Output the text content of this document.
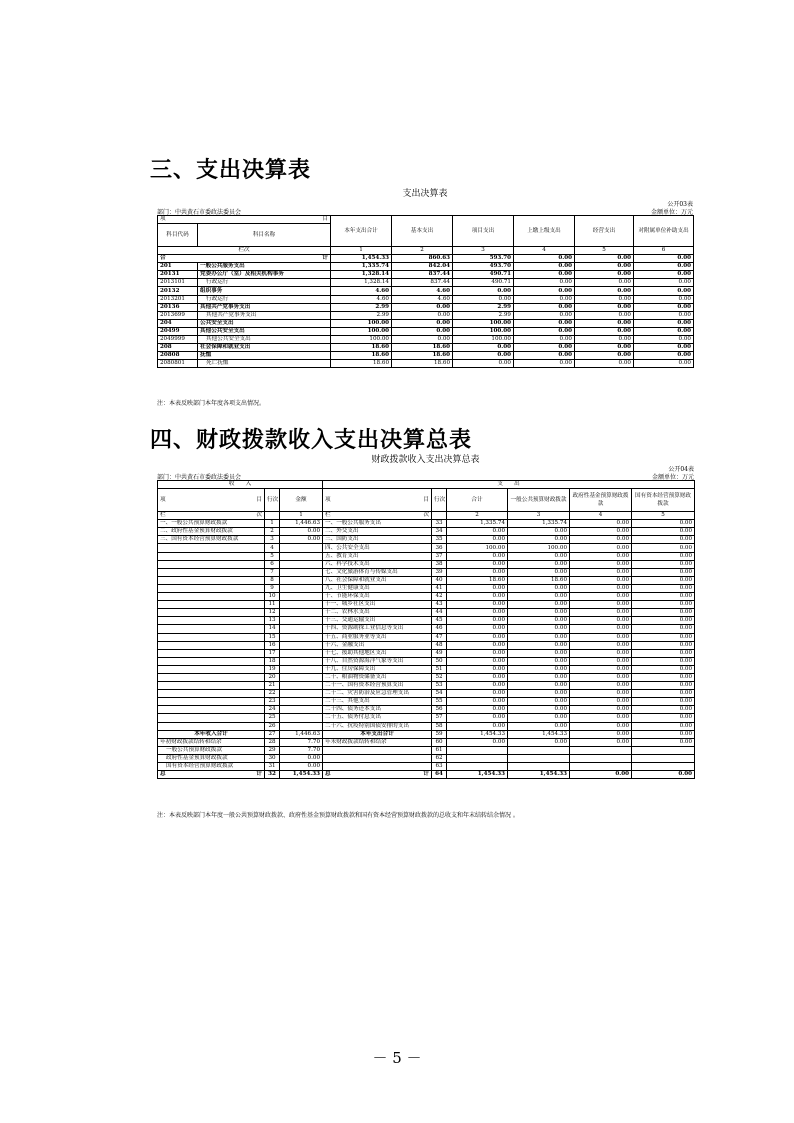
三、支出决算表
支出决算表
公开03表
部门：中共黄石市委政法委员会	金额单位：万元
项 目		本年支出合计	基本支出	项目支出	上缴上级支出	经营支出	对附属单位补助支出
科目代码	科目名称						
栏次		1	2	3	4	5	6

合 计		1,454.33	860.63	593.70	0.00	0.00	0.00
201	一般公共服务支出	1,335.74	842.04	493.70	0.00	0.00	0.00
20131	党委办公厅（室）及相关机构事务	1,328.14	837.44	490.71	0.00	0.00	0.00
2013101	行政运行	1,328.14	837.44	490.71	0.00	0.00	0.00
20132	组织事务	4.60	4.60	0.00	0.00	0.00	0.00
2013201	行政运行	4.60	4.60	0.00	0.00	0.00	0.00
20136	其他共产党事务支出	2.99	0.00	2.99	0.00	0.00	0.00
2013699	其他共产党事务支出	2.99	0.00	2.99	0.00	0.00	0.00
204	公共安全支出	100.00	0.00	100.00	0.00	0.00	0.00
20499	其他公共安全支出	100.00	0.00	100.00	0.00	0.00	0.00
2049999	其他公共安全支出	100.00	0.00	100.00	0.00	0.00	0.00
208	社会保障和就业支出	18.60	18.60	0.00	0.00	0.00	0.00
20808	抚恤	18.60	18.60	0.00	0.00	0.00	0.00
2080801	死亡抚恤	18.60	18.60	0.00	0.00	0.00	0.00
注：本表反映部门本年度各项支出情况。
四、财政拨款收入支出决算总表
财政拨款收入支出决算总表
公开04表
部门：中共黄石市委政法委员会	金额单位：万元
收　　入			支　　出					

项 目	行次	金额	项 目	行次	合计	一般公共预算财政拨款	政府性基金预算财政拨款	国有资本经营预算财政拨款

栏 次		1	栏 次		2	3	4	5
一、一般公共预算财政拨款	1	1,446.63	一、一般公共服务支出	33	1,335.74	1,335.74	0.00	0.00
二、政府性基金预算财政拨款	2	0.00	二、外交支出	34	0.00	0.00	0.00	0.00
三、国有资本经营预算财政拨款	3	0.00	三、国防支出	35	0.00	0.00	0.00	0.00
	4		四、公共安全支出	36	100.00	100.00	0.00	0.00
	5		五、教育支出	37	0.00	0.00	0.00	0.00
	6		六、科学技术支出	38	0.00	0.00	0.00	0.00
	7		七、文化旅游体育与传媒支出	39	0.00	0.00	0.00	0.00
	8		八、社会保障和就业支出	40	18.60	18.60	0.00	0.00
	9		九、卫生健康支出	41	0.00	0.00	0.00	0.00
	10		十、节能环保支出	42	0.00	0.00	0.00	0.00
	11		十一、城乡社区支出	43	0.00	0.00	0.00	0.00
	12		十二、农林水支出	44	0.00	0.00	0.00	0.00
	13		十三、交通运输支出	45	0.00	0.00	0.00	0.00
	14		十四、资源勘探工业信息等支出	46	0.00	0.00	0.00	0.00
	15		十五、商业服务业等支出	47	0.00	0.00	0.00	0.00
	16		十六、金融支出	48	0.00	0.00	0.00	0.00
	17		十七、援助其他地区支出	49	0.00	0.00	0.00	0.00
	18		十八、自然资源海洋气象等支出	50	0.00	0.00	0.00	0.00
	19		十九、住房保障支出	51	0.00	0.00	0.00	0.00
	20		二十、粮油物资储备支出	52	0.00	0.00	0.00	0.00
	21		二十一、国有资本经营预算支出	53	0.00	0.00	0.00	0.00
	22		二十二、灾害防治及应急管理支出	54	0.00	0.00	0.00	0.00
	23		二十三、其他支出	55	0.00	0.00	0.00	0.00
	24		二十四、债务还本支出	56	0.00	0.00	0.00	0.00
	25		二十五、债务付息支出	57	0.00	0.00	0.00	0.00
	26		二十六、抗疫特别国债安排的支出	58	0.00	0.00	0.00	0.00
本年收入合计	27	1,446.63	本年支出合计	59	1,454.33	1,454.33	0.00	0.00
年初财政拨款结转和结余	28	7.70	年末财政拨款结转和结余	60	0.00	0.00	0.00	0.00
一般公共预算财政拨款	29	7.70		61				
政府性基金预算财政拨款	30	0.00		62				
国有资本经营预算财政拨款	31	0.00		63				

总 计	32	1,454.33	总 计	64	1,454.33	1,454.33	0.00	0.00
注：本表反映部门本年度一般公共预算财政拨款、政府性基金预算财政拨款和国有资本经营预算财政拨款的总收支和年末结转结余情况 。
－ 5 －
